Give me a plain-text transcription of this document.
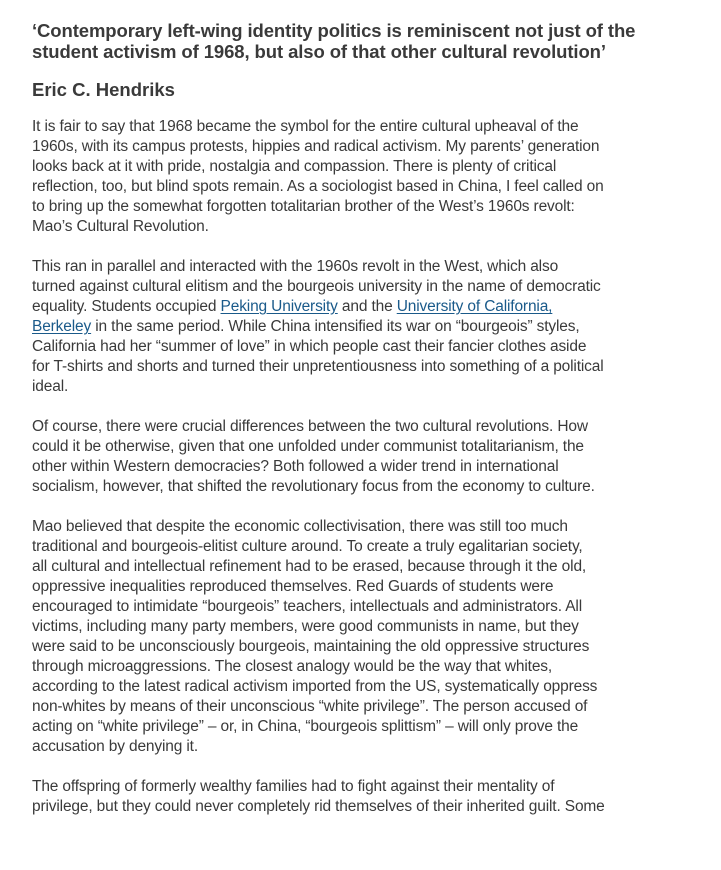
‘Contemporary left-wing identity politics is reminiscent not just of the
student activism of 1968, but also of that other cultural revolution’
Eric C. Hendriks

It is fair to say that 1968 became the symbol for the entire cultural upheaval of the
1960s, with its campus protests, hippies and radical activism. My parents’ generation
looks back at it with pride, nostalgia and compassion. There is plenty of critical
reflection, too, but blind spots remain. As a sociologist based in China, I feel called on
to bring up the somewhat forgotten totalitarian brother of the West’s 1960s revolt:
Mao’s Cultural Revolution.

This ran in parallel and interacted with the 1960s revolt in the West, which also
turned against cultural elitism and the bourgeois university in the name of democratic
equality. Students occupied Peking University and the University of California,
Berkeley in the same period. While China intensified its war on “bourgeois” styles,
California had her “summer of love” in which people cast their fancier clothes aside
for T-shirts and shorts and turned their unpretentiousness into something of a political
ideal.

Of course, there were crucial differences between the two cultural revolutions. How
could it be otherwise, given that one unfolded under communist totalitarianism, the
other within Western democracies? Both followed a wider trend in international
socialism, however, that shifted the revolutionary focus from the economy to culture.

Mao believed that despite the economic collectivisation, there was still too much
traditional and bourgeois-elitist culture around. To create a truly egalitarian society,
all cultural and intellectual refinement had to be erased, because through it the old,
oppressive inequalities reproduced themselves. Red Guards of students were
encouraged to intimidate “bourgeois” teachers, intellectuals and administrators. All
victims, including many party members, were good communists in name, but they
were said to be unconsciously bourgeois, maintaining the old oppressive structures
through microaggressions. The closest analogy would be the way that whites,
according to the latest radical activism imported from the US, systematically oppress
non-whites by means of their unconscious “white privilege”. The person accused of
acting on “white privilege” – or, in China, “bourgeois splittism” – will only prove the
accusation by denying it.

The offspring of formerly wealthy families had to fight against their mentality of
privilege, but they could never completely rid themselves of their inherited guilt. Some
